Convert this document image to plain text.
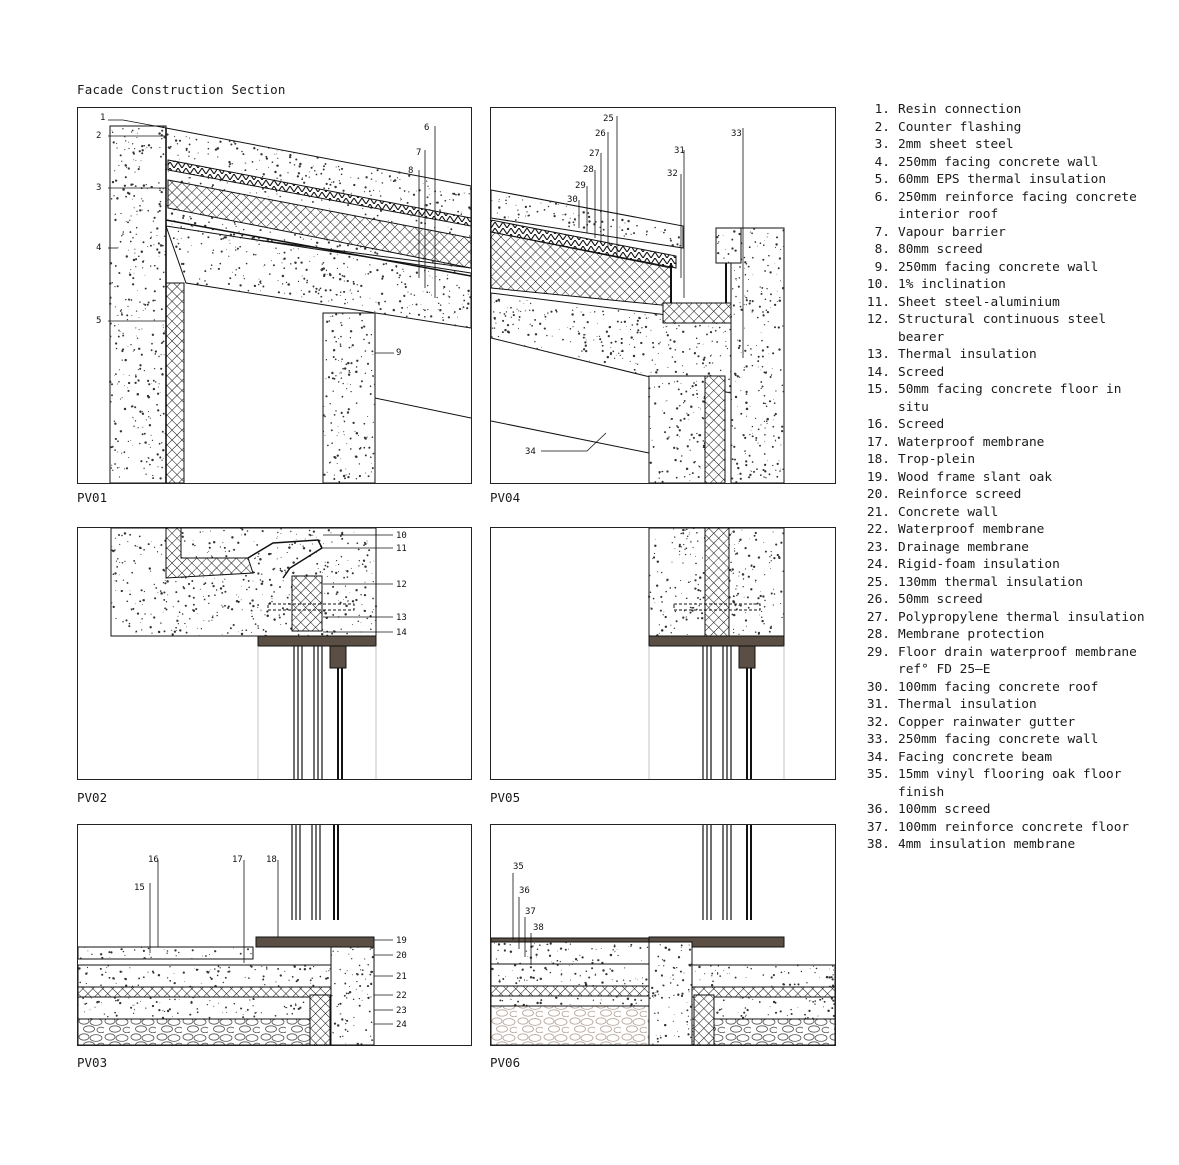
Facade Construction Section
1
2
3
4
5
6
7
8
9
PV01
25
26
27
28
29
30
31
32
33
34
PV04
10
11
12
13
14
PV02	PV05
15
16	17	18
19
20
21
22
23
24
PV03
35
36
37
38
PV06
1. Resin connection
2. Counter flashing
3. 2mm sheet steel
4. 250mm facing concrete wall
5. 60mm EPS thermal insulation
6. 250mm reinforce facing concrete interior roof
7. Vapour barrier
8. 80mm screed
9. 250mm facing concrete wall
10. 1% inclination
11. Sheet steel-aluminium
12. Structural continuous steel bearer
13. Thermal insulation
14. Screed
15. 50mm facing concrete floor in situ
16. Screed
17. Waterproof membrane
18. Trop-plein
19. Wood frame slant oak
20. Reinforce screed
21. Concrete wall
22. Waterproof membrane
23. Drainage membrane
24. Rigid-foam insulation
25. 130mm thermal insulation
26. 50mm screed
27. Polypropylene thermal insulation
28. Membrane protection
29. Floor drain waterproof membrane ref° FD 25—E
30. 100mm facing concrete roof
31. Thermal insulation
32. Copper rainwater gutter
33. 250mm facing concrete wall
34. Facing concrete beam
35. 15mm vinyl flooring oak floor finish
36. 100mm screed
37. 100mm reinforce concrete floor
38. 4mm insulation membrane
